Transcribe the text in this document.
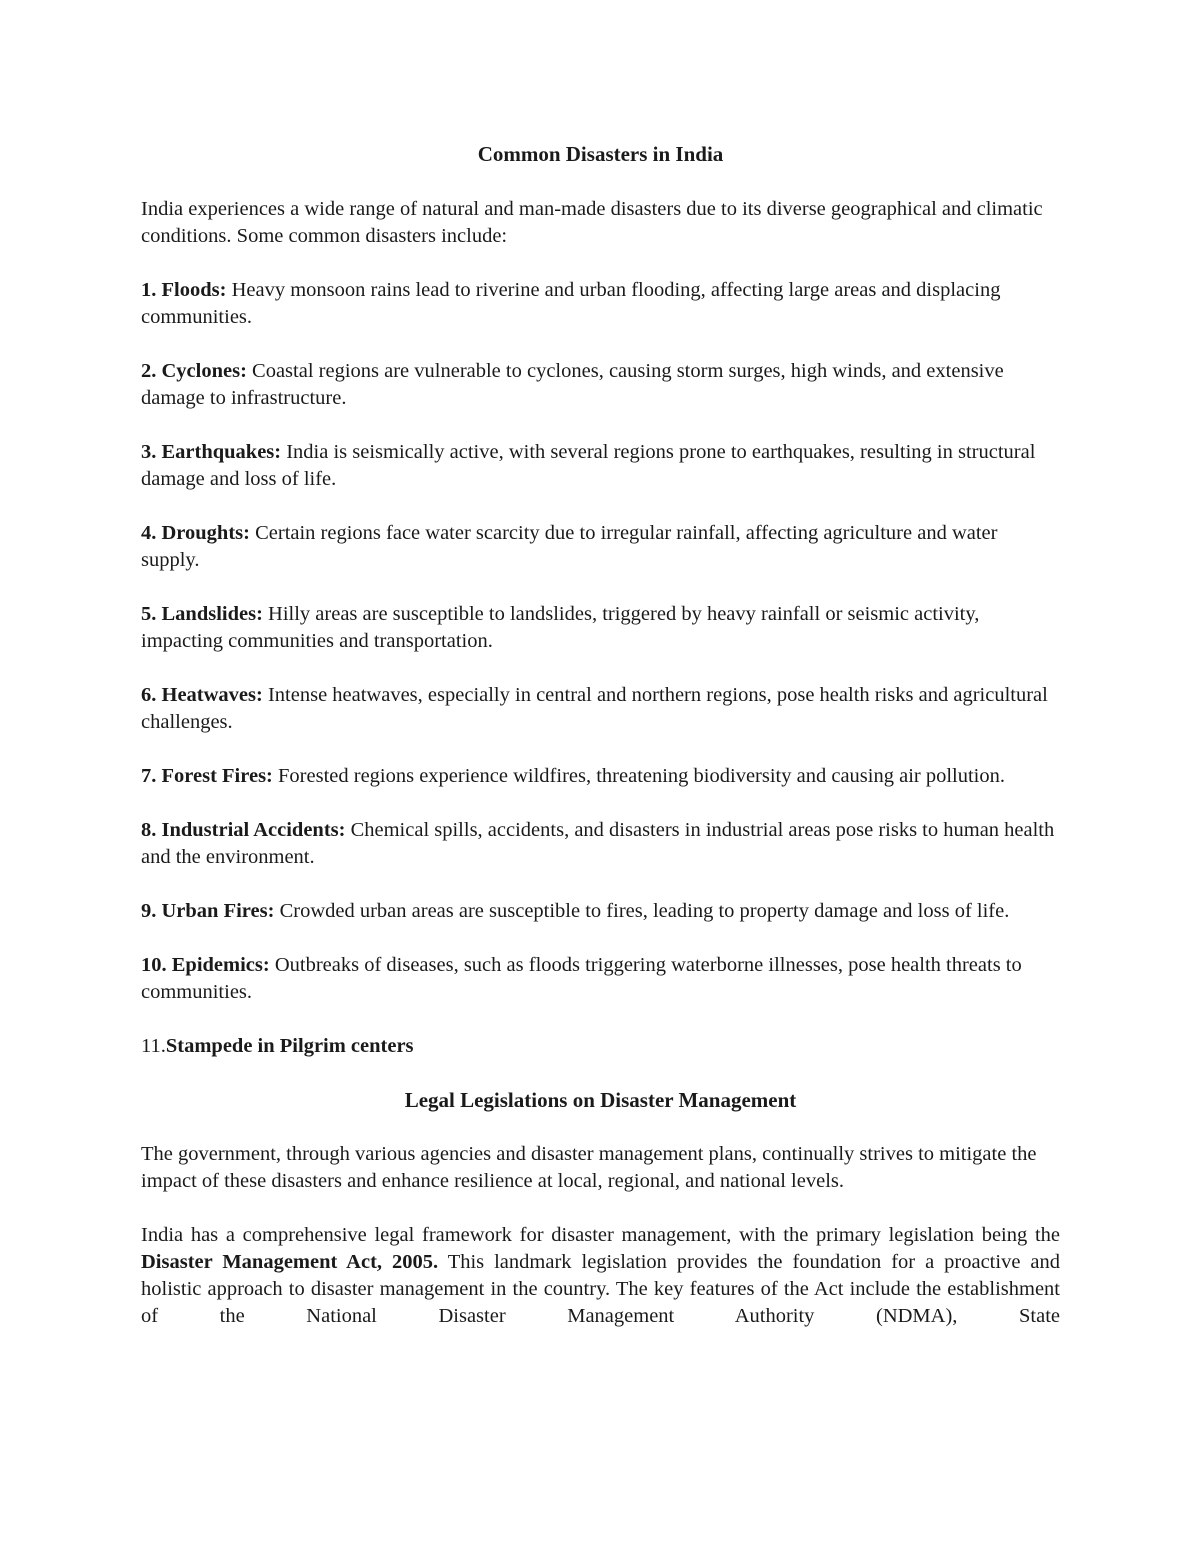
Common Disasters in India

India experiences a wide range of natural and man-made disasters due to its diverse geographical and climatic conditions. Some common disasters include:

1. Floods: Heavy monsoon rains lead to riverine and urban flooding, affecting large areas and displacing communities.

2. Cyclones: Coastal regions are vulnerable to cyclones, causing storm surges, high winds, and extensive damage to infrastructure.

3. Earthquakes: India is seismically active, with several regions prone to earthquakes, resulting in structural damage and loss of life.

4. Droughts: Certain regions face water scarcity due to irregular rainfall, affecting agriculture and water supply.

5. Landslides: Hilly areas are susceptible to landslides, triggered by heavy rainfall or seismic activity, impacting communities and transportation.

6. Heatwaves: Intense heatwaves, especially in central and northern regions, pose health risks and agricultural challenges.

7. Forest Fires: Forested regions experience wildfires, threatening biodiversity and causing air pollution.

8. Industrial Accidents: Chemical spills, accidents, and disasters in industrial areas pose risks to human health and the environment.

9. Urban Fires: Crowded urban areas are susceptible to fires, leading to property damage and loss of life.

10. Epidemics: Outbreaks of diseases, such as floods triggering waterborne illnesses, pose health threats to communities.

11.Stampede in Pilgrim centers

Legal Legislations on Disaster Management

The government, through various agencies and disaster management plans, continually strives to mitigate the impact of these disasters and enhance resilience at local, regional, and national levels.

India has a comprehensive legal framework for disaster management, with the primary legislation being the Disaster Management Act, 2005. This landmark legislation provides the foundation for a proactive and holistic approach to disaster management in the country. The key features of the Act include the establishment of the National Disaster Management Authority (NDMA), State
